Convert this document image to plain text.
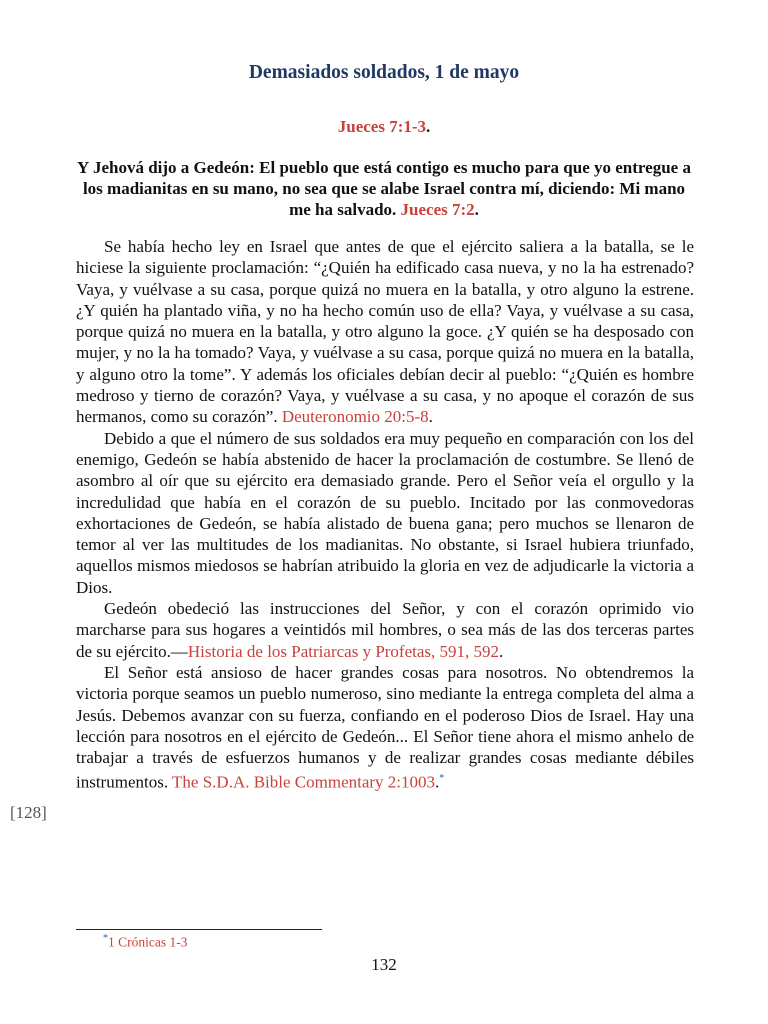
Demasiados soldados, 1 de mayo
Jueces 7:1-3.
Y Jehová dijo a Gedeón: El pueblo que está contigo es mucho para que yo entregue a los madianitas en su mano, no sea que se alabe Israel contra mí, diciendo: Mi mano me ha salvado. Jueces 7:2.

Se había hecho ley en Israel que antes de que el ejército saliera a la batalla, se le hiciese la siguiente proclamación: “¿Quién ha edificado casa nueva, y no la ha estrenado? Vaya, y vuélvase a su casa, porque quizá no muera en la batalla, y otro alguno la estrene. ¿Y quién ha plantado viña, y no ha hecho común uso de ella? Vaya, y vuélvase a su casa, porque quizá no muera en la batalla, y otro alguno la goce. ¿Y quién se ha desposado con mujer, y no la ha tomado? Vaya, y vuélvase a su casa, porque quizá no muera en la batalla, y alguno otro la tome”. Y además los oficiales debían decir al pueblo: “¿Quién es hombre medroso y tierno de corazón? Vaya, y vuélvase a su casa, y no apoque el corazón de sus hermanos, como su corazón”. Deuteronomio 20:5-8.

Debido a que el número de sus soldados era muy pequeño en comparación con los del enemigo, Gedeón se había abstenido de hacer la proclamación de costumbre. Se llenó de asombro al oír que su ejército era demasiado grande. Pero el Señor veía el orgullo y la incredulidad que había en el corazón de su pueblo. Incitado por las conmovedoras exhortaciones de Gedeón, se había alistado de buena gana; pero muchos se llenaron de temor al ver las multitudes de los madianitas. No obstante, si Israel hubiera triunfado, aquellos mismos miedosos se habrían atribuido la gloria en vez de adjudicarle la victoria a Dios.

Gedeón obedeció las instrucciones del Señor, y con el corazón oprimido vio marcharse para sus hogares a veintidós mil hombres, o sea más de las dos terceras partes de su ejército.—Historia de los Patriarcas y Profetas, 591, 592.

El Señor está ansioso de hacer grandes cosas para nosotros. No obtendremos la victoria porque seamos un pueblo numeroso, sino mediante la entrega completa del alma a Jesús. Debemos avanzar con su fuerza, confiando en el poderoso Dios de Israel. Hay una lección para nosotros en el ejército de Gedeón... El Señor tiene ahora el mismo anhelo de trabajar a través de esfuerzos humanos y de realizar grandes cosas mediante débiles instrumentos. The S.D.A. Bible Commentary 2:1003.*

[128]
*1 Crónicas 1-3
132
